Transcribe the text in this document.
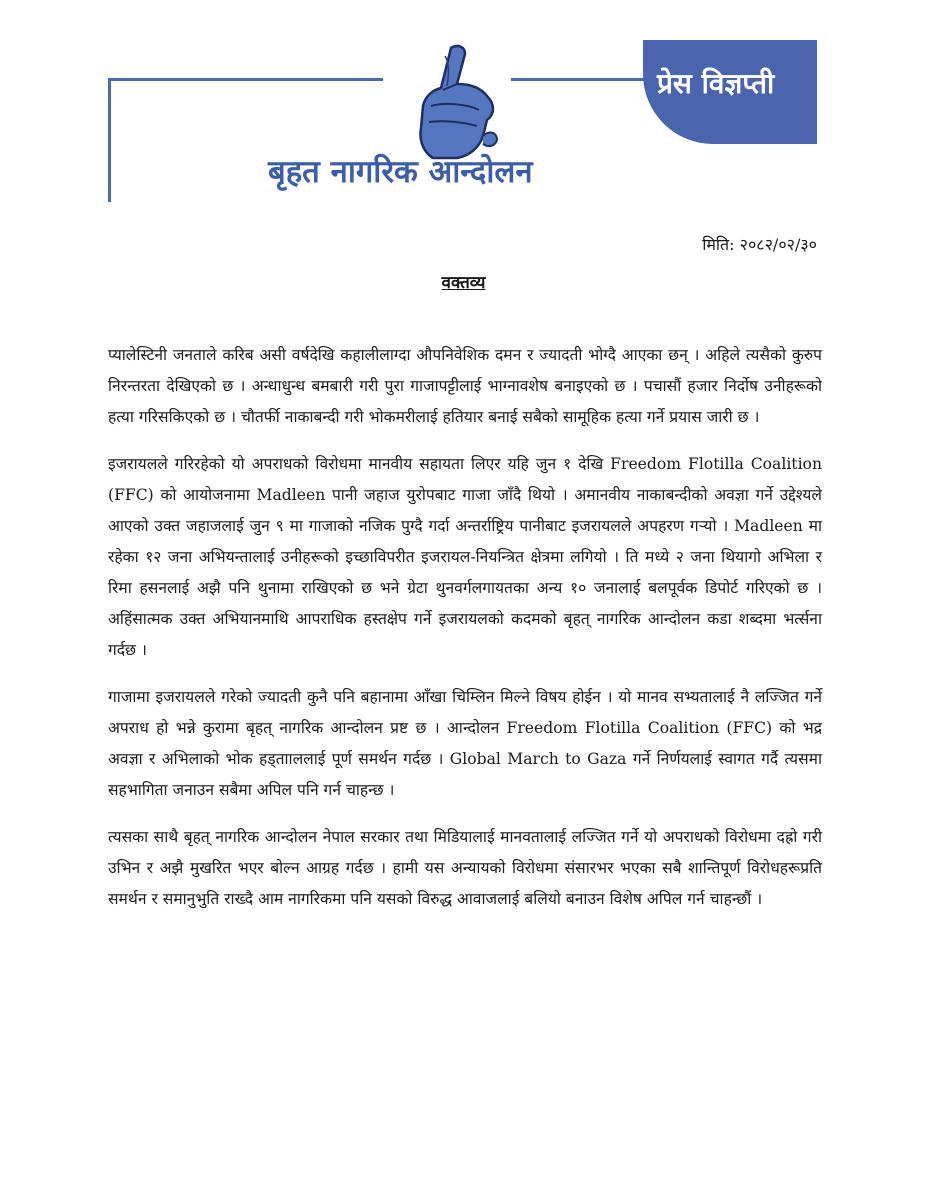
बृहत नागरिक आन्दोलन
प्रेस विज्ञप्ती
मिति: २०८२/०२/३०
वक्तव्य

प्यालेस्टिनी जनताले करिब असी वर्षदेखि कहालीलाग्दा औपनिवेशिक दमन र ज्यादती भोग्दै आएका छन् । अहिले त्यसैको कुरुप निरन्तरता देखिएको छ । अन्धाधुन्ध बमबारी गरी पुरा गाजापट्टीलाई भाग्नावशेष बनाइएको छ । पचासौं हजार निर्दोष उनीहरूको हत्या गरिसकिएको छ । चौतर्फी नाकाबन्दी गरी भोकमरीलाई हतियार बनाई सबैको सामूहिक हत्या गर्ने प्रयास जारी छ ।

इजरायलले गरिरहेको यो अपराधको विरोधमा मानवीय सहायता लिएर यहि जुन १ देखि Freedom Flotilla Coalition (FFC) को आयोजनामा Madleen पानी जहाज युरोपबाट गाजा जाँदै थियो । अमानवीय नाकाबन्दीको अवज्ञा गर्ने उद्देश्यले आएको उक्त जहाजलाई जुन ९ मा गाजाको नजिक पुग्दै गर्दा अन्तर्राष्ट्रिय पानीबाट इजरायलले अपहरण गर्‍यो । Madleen मा रहेका १२ जना अभियन्तालाई उनीहरूको इच्छाविपरीत इजरायल-नियन्त्रित क्षेत्रमा लगियो । ति मध्ये २ जना थियागो अभिला र रिमा हसनलाई अझै पनि थुनामा राखिएको छ भने ग्रेटा थुनवर्गलगायतका अन्य १० जनालाई बलपूर्वक डिपोर्ट गरिएको छ । अहिंसात्मक उक्त अभियानमाथि आपराधिक हस्तक्षेप गर्ने इजरायलको कदमको बृहत् नागरिक आन्दोलन कडा शब्दमा भर्त्सना गर्दछ ।

गाजामा इजरायलले गरेको ज्यादती कुनै पनि बहानामा आँखा चिम्लिन मिल्ने विषय होईन । यो मानव सभ्यतालाई नै लज्जित गर्ने अपराध हो भन्ने कुरामा बृहत् नागरिक आन्दोलन प्रष्ट छ । आन्दोलन Freedom Flotilla Coalition (FFC) को भद्र अवज्ञा र अभिलाको भोक हड्तााललाई पूर्ण समर्थन गर्दछ । Global March to Gaza गर्ने निर्णयलाई स्वागत गर्दै त्यसमा सहभागिता जनाउन सबैमा अपिल पनि गर्न चाहन्छ ।

त्यसका साथै बृहत् नागरिक आन्दोलन नेपाल सरकार तथा मिडियालाई मानवतालाई लज्जित गर्ने यो अपराधको विरोधमा दह्रो गरी उभिन र अझै मुखरित भएर बोल्न आग्रह गर्दछ । हामी यस अन्यायको विरोधमा संसारभर भएका सबै शान्तिपूर्ण विरोधहरूप्रति समर्थन र समानुभुति राख्दै आम नागरिकमा पनि यसको विरुद्ध आवाजलाई बलियो बनाउन विशेष अपिल गर्न चाहन्छौं ।
